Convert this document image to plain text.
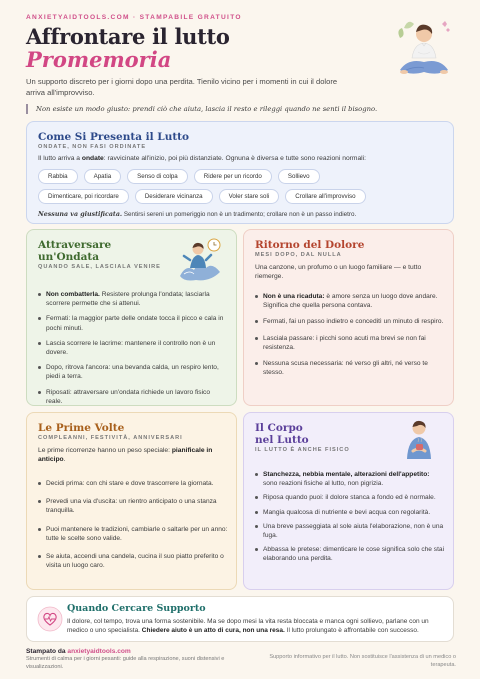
ANXIETYAIDTOOLS.COM · STAMPABILE GRATUITO
Affrontare il lutto
Promemoria
Un supporto discreto per i giorni dopo una perdita. Tienilo vicino per i momenti in cui il dolore arriva all'improvviso.
Non esiste un modo giusto: prendi ciò che aiuta, lascia il resto e rileggi quando ne senti il bisogno.
Come Si Presenta il Lutto
ONDATE, NON FASI ORDINATE
Il lutto arriva a ondate: ravvicinate all'inizio, poi più distanziate. Ognuna è diversa e tutte sono reazioni normali:
Rabbia	Apatia	Senso di colpa	Ridere per un ricordo	Sollievo
Dimenticare, poi ricordare	Desiderare vicinanza	Voler stare soli	Crollare all'improvviso
Nessuna va giustificata. Sentirsi sereni un pomeriggio non è un tradimento; crollare non è un passo indietro.
Attraversare
un'Ondata
QUANDO SALE, LASCIALA VENIRE
Non combatterla. Resistere prolunga l'ondata; lasciarla scorrere permette che si attenui.
Fermati: la maggior parte delle ondate tocca il picco e cala in pochi minuti.
Lascia scorrere le lacrime: mantenere il controllo non è un dovere.
Dopo, ritrova l'ancora: una bevanda calda, un respiro lento, piedi a terra.
Riposati: attraversare un'ondata richiede un lavoro fisico reale.
Ritorno del Dolore
MESI DOPO, DAL NULLA
Una canzone, un profumo o un luogo familiare — e tutto riemerge.
Non è una ricaduta: è amore senza un luogo dove andare. Significa che quella persona contava.
Fermati, fai un passo indietro e conceditì un minuto di respiro.
Lasciala passare: i picchi sono acuti ma brevi se non fai resistenza.
Nessuna scusa necessaria: né verso gli altri, né verso te stesso.
Le Prime Volte
COMPLEANNI, FESTIVITÀ, ANNIVERSARI
Le prime ricorrenze hanno un peso speciale: pianificale in anticipo.
Decidi prima: con chi stare e dove trascorrere la giornata.
Prevedi una via d'uscita: un rientro anticipato o una stanza tranquilla.
Puoi mantenere le tradizioni, cambiarle o saltarle per un anno: tutte le scelte sono valide.
Se aiuta, accendi una candela, cucina il suo piatto preferito o visita un luogo caro.
Il Corpo
nel Lutto
IL LUTTO È ANCHE FISICO
Stanchezza, nebbia mentale, alterazioni dell'appetito: sono reazioni fisiche al lutto, non pigrizia.
Riposa quando puoi: il dolore stanca a fondo ed è normale.
Mangia qualcosa di nutriente e bevi acqua con regolarità.
Una breve passeggiata al sole aiuta l'elaborazione, non è una fuga.
Abbassa le pretese: dimenticare le cose significa solo che stai elaborando una perdita.
Quando Cercare Supporto
Il dolore, col tempo, trova una forma sostenibile. Ma se dopo mesi la vita resta bloccata e manca ogni sollievo, parlane con un medico o uno specialista. Chiedere aiuto è un atto di cura, non una resa. Il lutto prolungato è affrontabile con successo.
Stampato da anxietyaidtools.com
Strumenti di calma per i giorni pesanti: guide alla respirazione, suoni distensivi e visualizzazioni.
Supporto informativo per il lutto. Non sostituisce l'assistenza di un medico o terapeuta.
